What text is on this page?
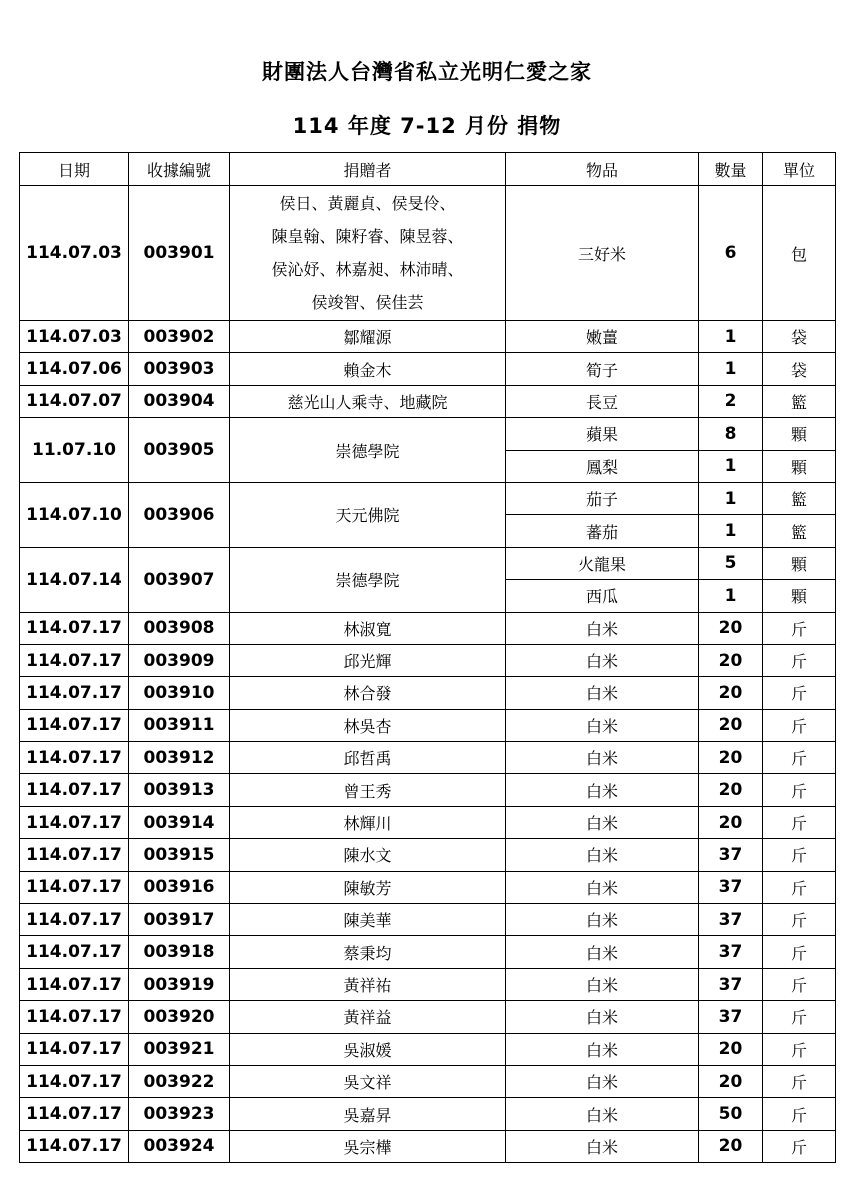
財團法人台灣省私立光明仁愛之家
114 年度 7-12 月份 捐物
日期	收據編號	捐贈者	物品	數量	單位
114.07.03	003901	侯日、黃麗貞、侯旻伶、
陳皇翰、陳籽睿、陳昱蓉、
侯沁妤、林嘉昶、林沛晴、
侯竣智、侯佳芸	三好米	6	包
114.07.03	003902	鄒耀源	嫩薑	1	袋
114.07.06	003903	賴金木	筍子	1	袋
114.07.07	003904	慈光山人乘寺、地藏院	長豆	2	籃
11.07.10	003905	崇德學院	蘋果	8	顆
			鳳梨	1	顆
114.07.10	003906	天元佛院	茄子	1	籃
			蕃茄	1	籃
114.07.14	003907	崇德學院	火龍果	5	顆
			西瓜	1	顆
114.07.17	003908	林淑寬	白米	20	斤
114.07.17	003909	邱光輝	白米	20	斤
114.07.17	003910	林合發	白米	20	斤
114.07.17	003911	林吳杏	白米	20	斤
114.07.17	003912	邱哲禹	白米	20	斤
114.07.17	003913	曾王秀	白米	20	斤
114.07.17	003914	林輝川	白米	20	斤
114.07.17	003915	陳水文	白米	37	斤
114.07.17	003916	陳敏芳	白米	37	斤
114.07.17	003917	陳美華	白米	37	斤
114.07.17	003918	蔡秉均	白米	37	斤
114.07.17	003919	黃祥祐	白米	37	斤
114.07.17	003920	黃祥益	白米	37	斤
114.07.17	003921	吳淑媛	白米	20	斤
114.07.17	003922	吳文祥	白米	20	斤
114.07.17	003923	吳嘉昇	白米	50	斤
114.07.17	003924	吳宗樺	白米	20	斤
